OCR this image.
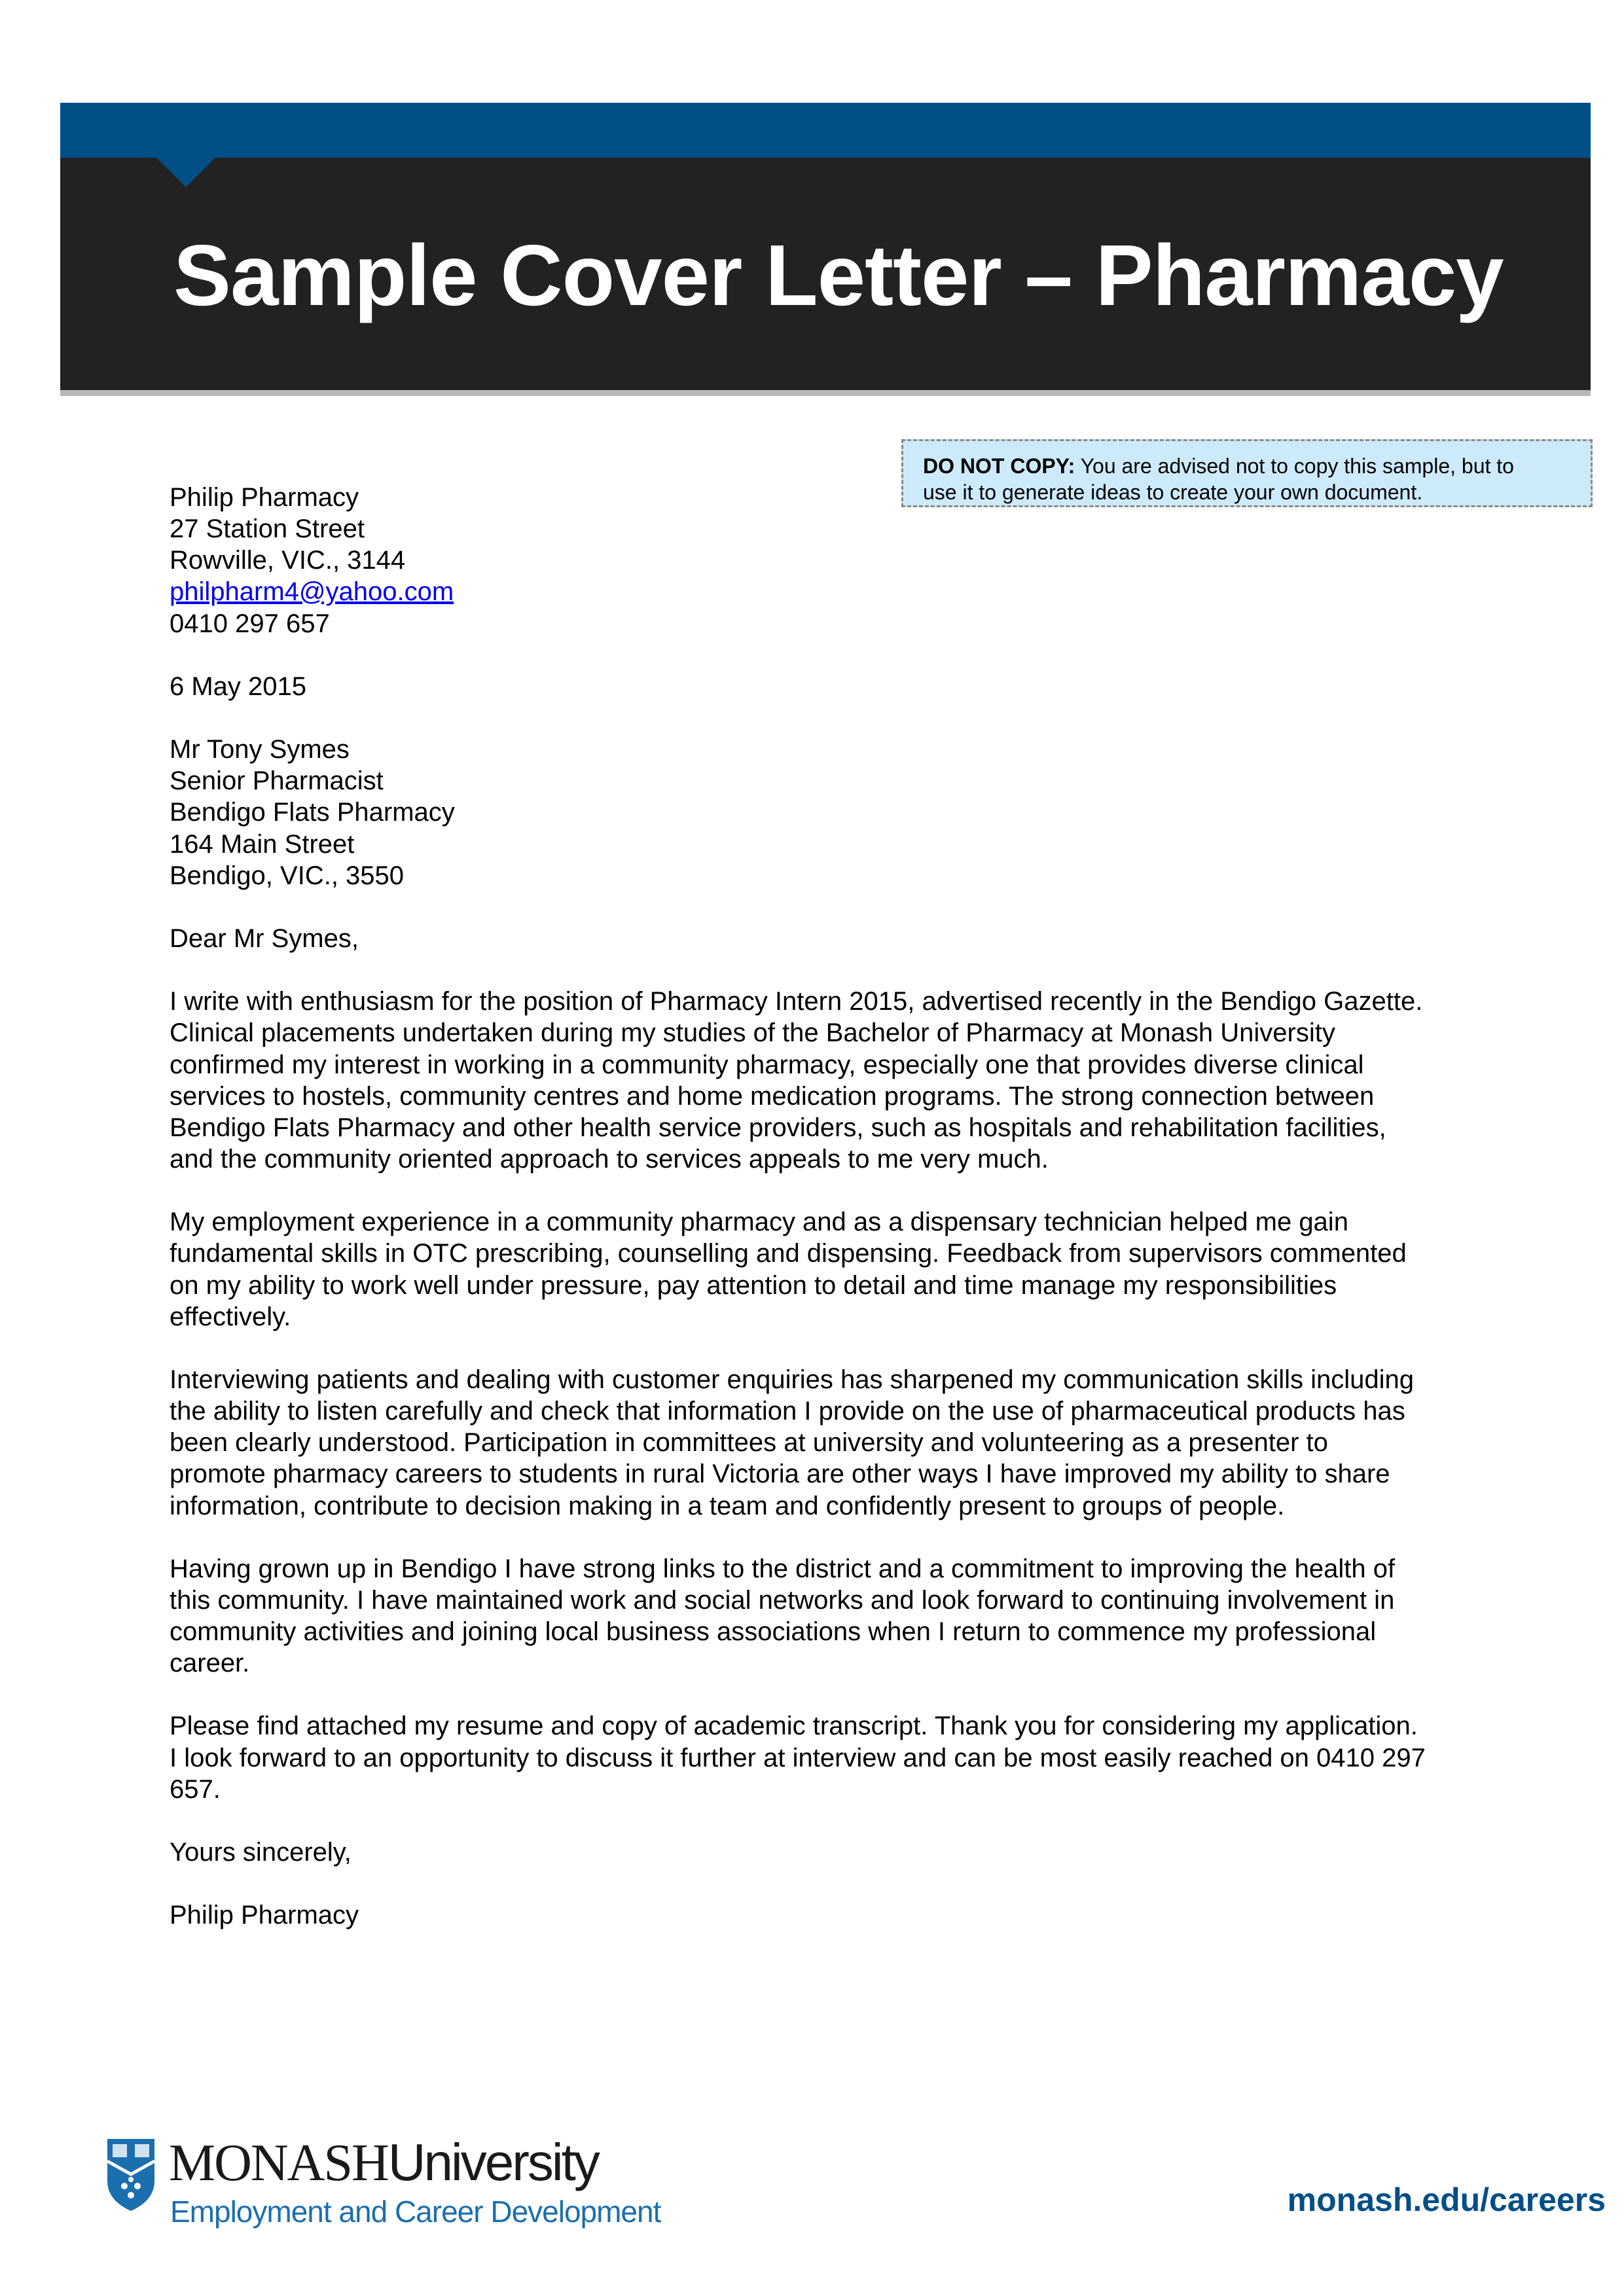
Sample Cover Letter – Pharmacy
DO NOT COPY: You are advised not to copy this sample, but to
use it to generate ideas to create your own document.
Philip Pharmacy
27 Station Street
Rowville, VIC., 3144
philpharm4@yahoo.com
0410 297 657
6 May 2015
Mr Tony Symes
Senior Pharmacist
Bendigo Flats Pharmacy
164 Main Street
Bendigo, VIC., 3550
Dear Mr Symes,
I write with enthusiasm for the position of Pharmacy Intern 2015, advertised recently in the Bendigo Gazette.
Clinical placements undertaken during my studies of the Bachelor of Pharmacy at Monash University
confirmed my interest in working in a community pharmacy, especially one that provides diverse clinical
services to hostels, community centres and home medication programs. The strong connection between
Bendigo Flats Pharmacy and other health service providers, such as hospitals and rehabilitation facilities,
and the community oriented approach to services appeals to me very much.
My employment experience in a community pharmacy and as a dispensary technician helped me gain
fundamental skills in OTC prescribing, counselling and dispensing. Feedback from supervisors commented
on my ability to work well under pressure, pay attention to detail and time manage my responsibilities
effectively.
Interviewing patients and dealing with customer enquiries has sharpened my communication skills including
the ability to listen carefully and check that information I provide on the use of pharmaceutical products has
been clearly understood. Participation in committees at university and volunteering as a presenter to
promote pharmacy careers to students in rural Victoria are other ways I have improved my ability to share
information, contribute to decision making in a team and confidently present to groups of people.
Having grown up in Bendigo I have strong links to the district and a commitment to improving the health of
this community. I have maintained work and social networks and look forward to continuing involvement in
community activities and joining local business associations when I return to commence my professional
career.
Please find attached my resume and copy of academic transcript. Thank you for considering my application.
I look forward to an opportunity to discuss it further at interview and can be most easily reached on 0410 297
657.
Yours sincerely,
Philip Pharmacy
MONASHUniversity
Employment and Career Development	monash.edu/careers
